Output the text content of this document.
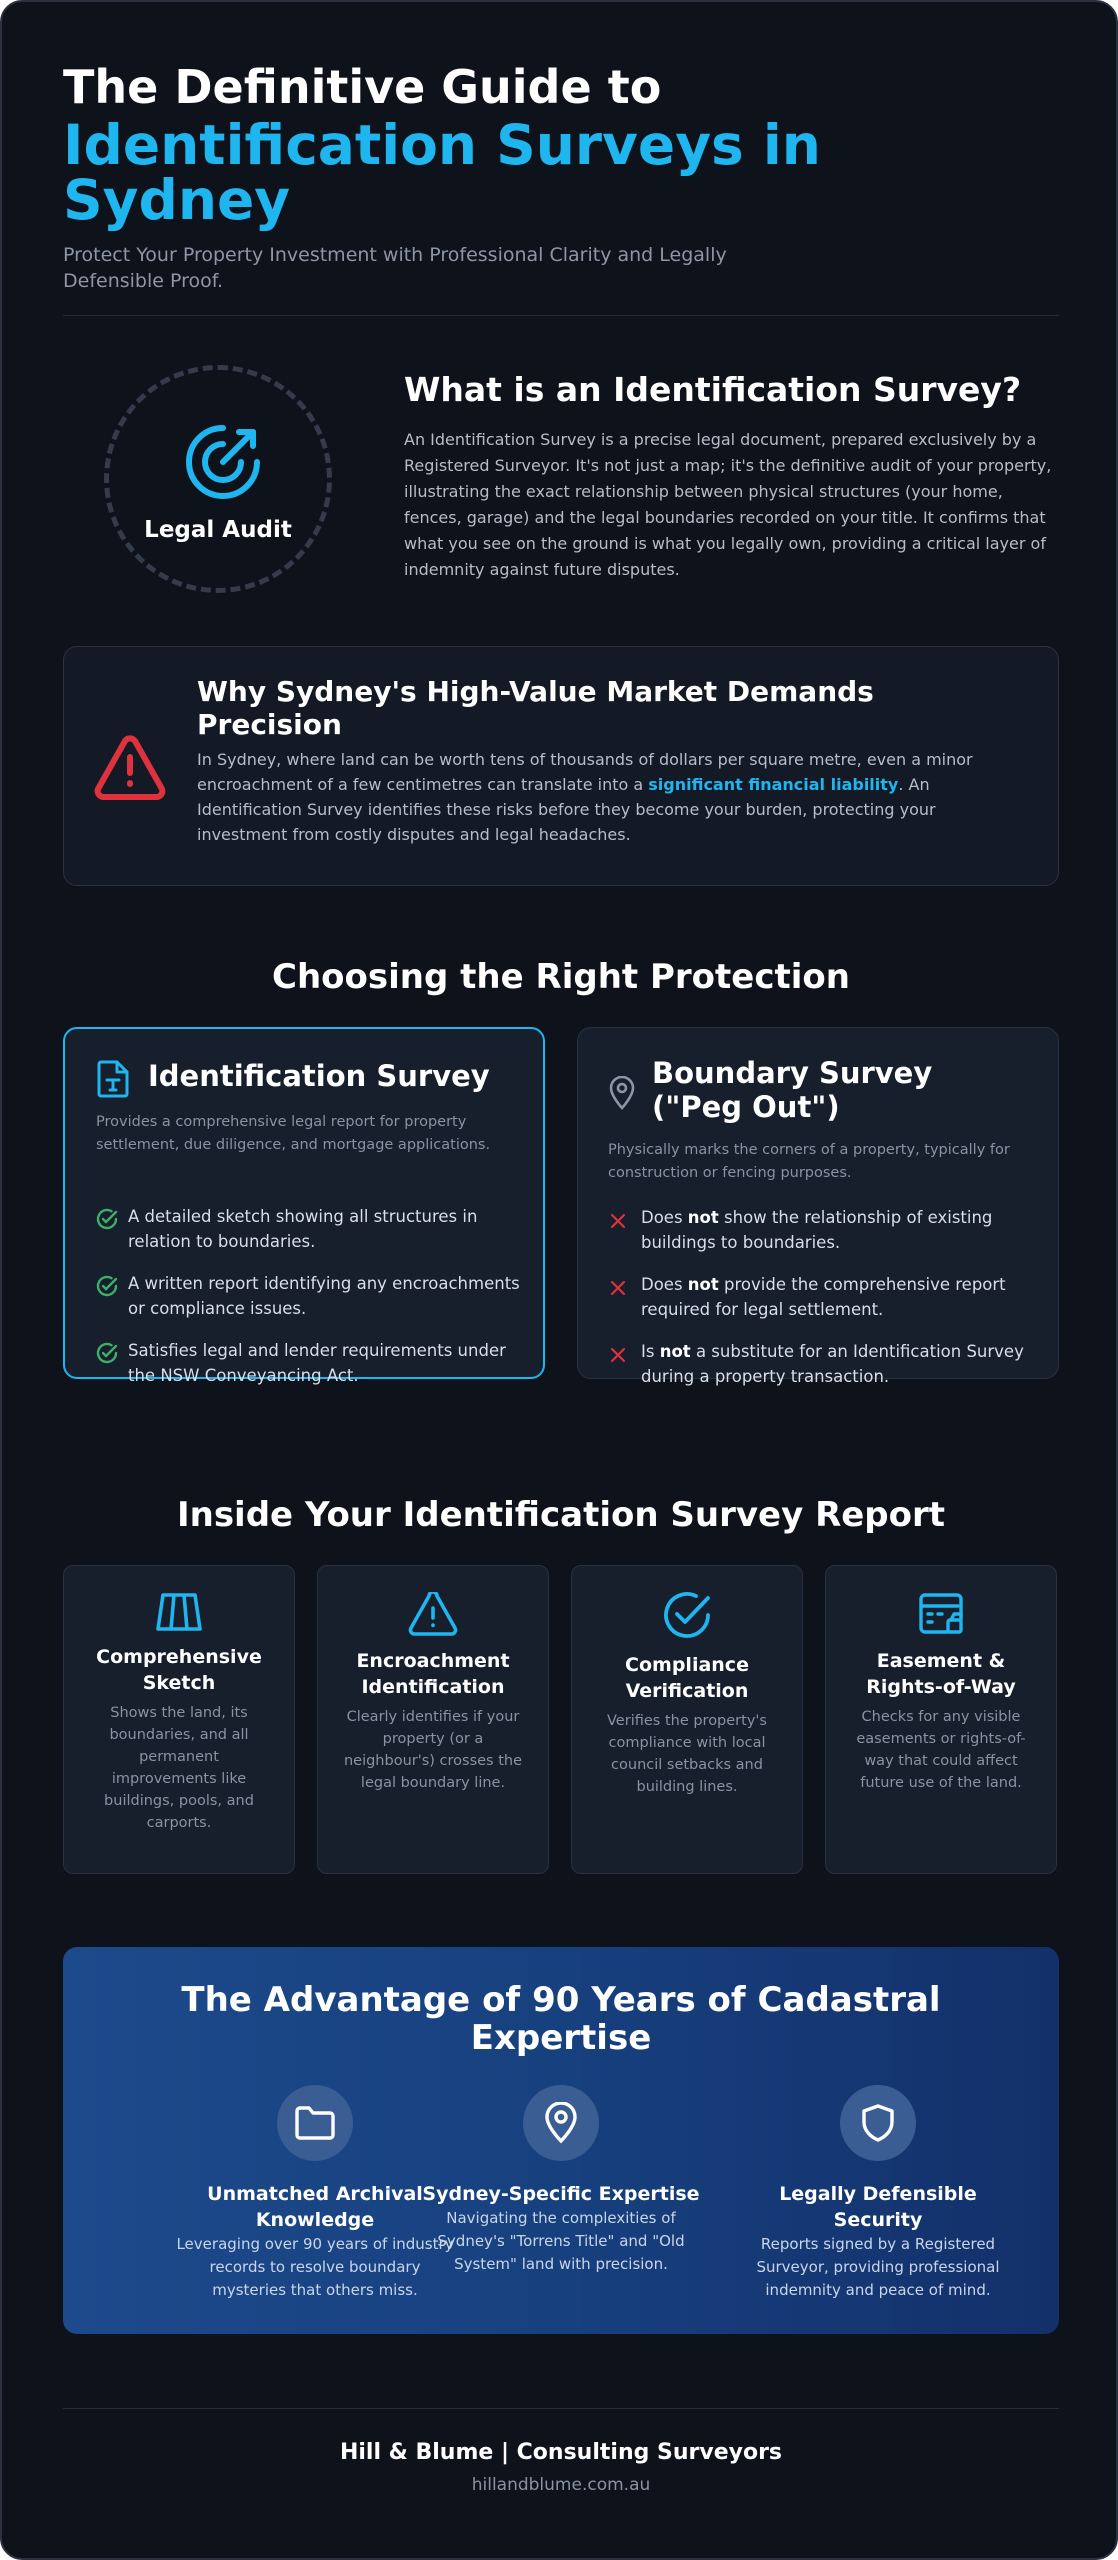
The Definitive Guide to
Identification Surveys in
Sydney
Protect Your Property Investment with Professional Clarity and Legally Defensible Proof.
Legal Audit
What is an Identification Survey?

An Identification Survey is a precise legal document, prepared exclusively by a Registered Surveyor. It's not just a map; it's the definitive audit of your property, illustrating the exact relationship between physical structures (your home, fences, garage) and the legal boundaries recorded on your title. It confirms that what you see on the ground is what you legally own, providing a critical layer of indemnity against future disputes.

Why Sydney's High-Value Market Demands Precision

In Sydney, where land can be worth tens of thousands of dollars per square metre, even a minor encroachment of a few centimetres can translate into a significant financial liability. An Identification Survey identifies these risks before they become your burden, protecting your investment from costly disputes and legal headaches.

Choosing the Right Protection
Identification Survey
Provides a comprehensive legal report for property settlement, due diligence, and mortgage applications.
A detailed sketch showing all structures in relation to boundaries.
A written report identifying any encroachments or compliance issues.
Satisfies legal and lender requirements under the NSW Conveyancing Act.
Boundary Survey ("Peg Out")
Physically marks the corners of a property, typically for construction or fencing purposes.
Does not show the relationship of existing buildings to boundaries.
Does not provide the comprehensive report required for legal settlement.
Is not a substitute for an Identification Survey during a property transaction.
Inside Your Identification Survey Report
Comprehensive Sketch
Shows the land, its boundaries, and all permanent improvements like buildings, pools, and carports.
Encroachment Identification
Clearly identifies if your property (or a neighbour's) crosses the legal boundary line.
Compliance Verification
Verifies the property's compliance with local council setbacks and building lines.
Easement & Rights-of-Way
Checks for any visible easements or rights-of-way that could affect future use of the land.
The Advantage of 90 Years of Cadastral
Expertise
Unmatched Archival Knowledge
Leveraging over 90 years of industry records to resolve boundary mysteries that others miss.
Sydney-Specific Expertise
Navigating the complexities of Sydney's "Torrens Title" and "Old System" land with precision.
Legally Defensible Security
Reports signed by a Registered Surveyor, providing professional indemnity and peace of mind.
Hill & Blume | Consulting Surveyors
hillandblume.com.au
